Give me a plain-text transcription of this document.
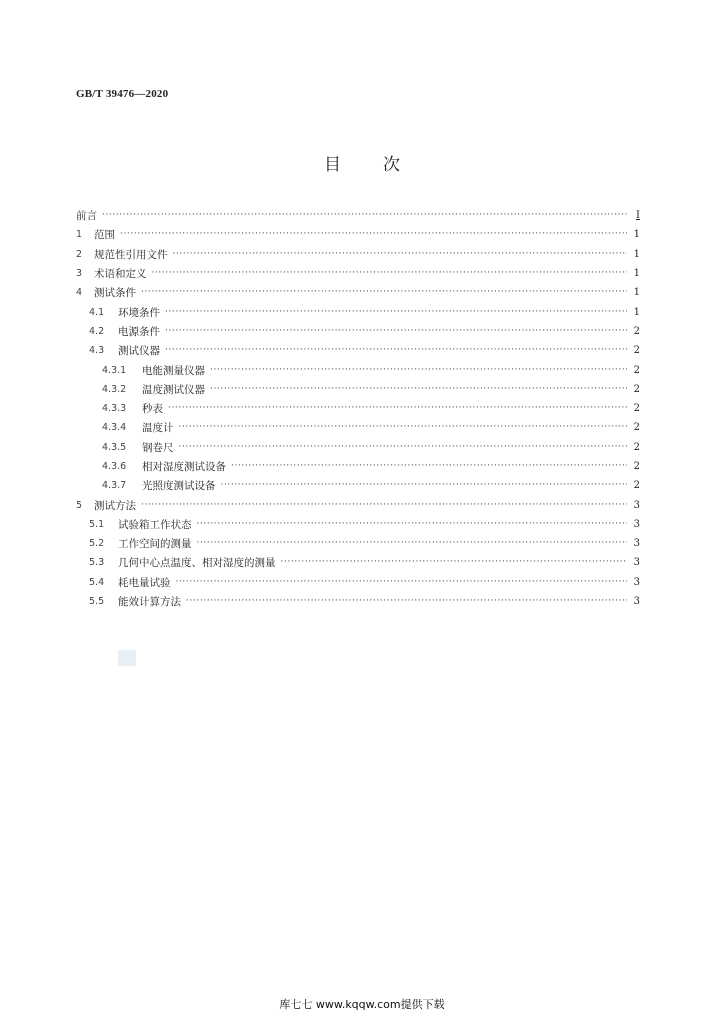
GB/T 39476—2020
目 次
前言 ·····	Ⅰ
1	范围 ·····	1
2	规范性引用文件 ·····	1
3	术语和定义 ·····	1
4	测试条件 ·····	1
4.1	环境条件 ·····	1
4.2	电源条件 ·····	2
4.3	测试仪器 ·····	2
4.3.1	电能测量仪器 ·····	2
4.3.2	温度测试仪器 ·····	2
4.3.3	秒表 ·····	2
4.3.4	温度计 ·····	2
4.3.5	钢卷尺 ·····	2
4.3.6	相对湿度测试设备 ·····	2
4.3.7	光照度测试设备 ·····	2
5	测试方法 ·····	3
5.1	试验箱工作状态 ·····	3
5.2	工作空间的测量 ·····	3
5.3	几何中心点温度、相对湿度的测量 ·····	3
5.4	耗电量试验 ·····	3
5.5	能效计算方法 ·····	3
库七七 www.kqqw.com提供下载
